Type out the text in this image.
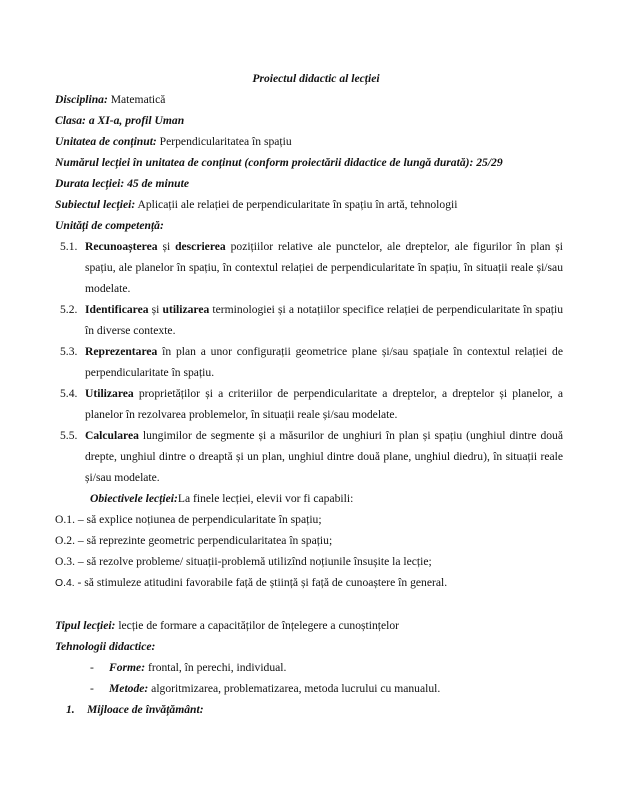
Proiectul didactic al lecției

Disciplina: Matematică

Clasa: a XI-a, profil Uman

Unitatea de conținut: Perpendicularitatea în spațiu

Numărul lecției în unitatea de conținut (conform proiectării didactice de lungă durată): 25/29

Durata lecției: 45 de minute

Subiectul lecției: Aplicații ale relației de perpendicularitate în spațiu în artă, tehnologii

Unități de competență:

5.1. Recunoașterea și descrierea pozițiilor relative ale punctelor, ale dreptelor, ale figurilor în plan și spațiu, ale planelor în spațiu, în contextul relației de perpendicularitate în spațiu, în situații reale și/sau modelate.
5.2. Identificarea și utilizarea terminologiei și a notațiilor specifice relației de perpendicularitate în spațiu în diverse contexte.
5.3. Reprezentarea în plan a unor configurații geometrice plane și/sau spațiale în contextul relației de perpendicularitate în spațiu.
5.4. Utilizarea proprietăților și a criteriilor de perpendicularitate a dreptelor, a dreptelor și planelor, a planelor în rezolvarea problemelor, în situații reale și/sau modelate.
5.5. Calcularea lungimilor de segmente și a măsurilor de unghiuri în plan și spațiu (unghiul dintre două drepte, unghiul dintre o dreaptă și un plan, unghiul dintre două plane, unghiul diedru), în situații reale și/sau modelate.

Obiectivele lecției:La finele lecției, elevii vor fi capabili:

O.1. – să explice noțiunea de perpendicularitate în spațiu;

O.2. – să reprezinte geometric perpendicularitatea în spațiu;

O.3. – să rezolve probleme/ situații-problemă utilizînd noțiunile însușite la lecție;

O.4. - să stimuleze atitudini favorabile față de știință și față de cunoaștere în general.

Tipul lecției: lecție de formare a capacităților de înțelegere a cunoștințelor

Tehnologii didactice:

- Forme: frontal, în perechi, individual.
- Metode: algoritmizarea, problematizarea, metoda lucrului cu manualul.

1. Mijloace de învățământ:
